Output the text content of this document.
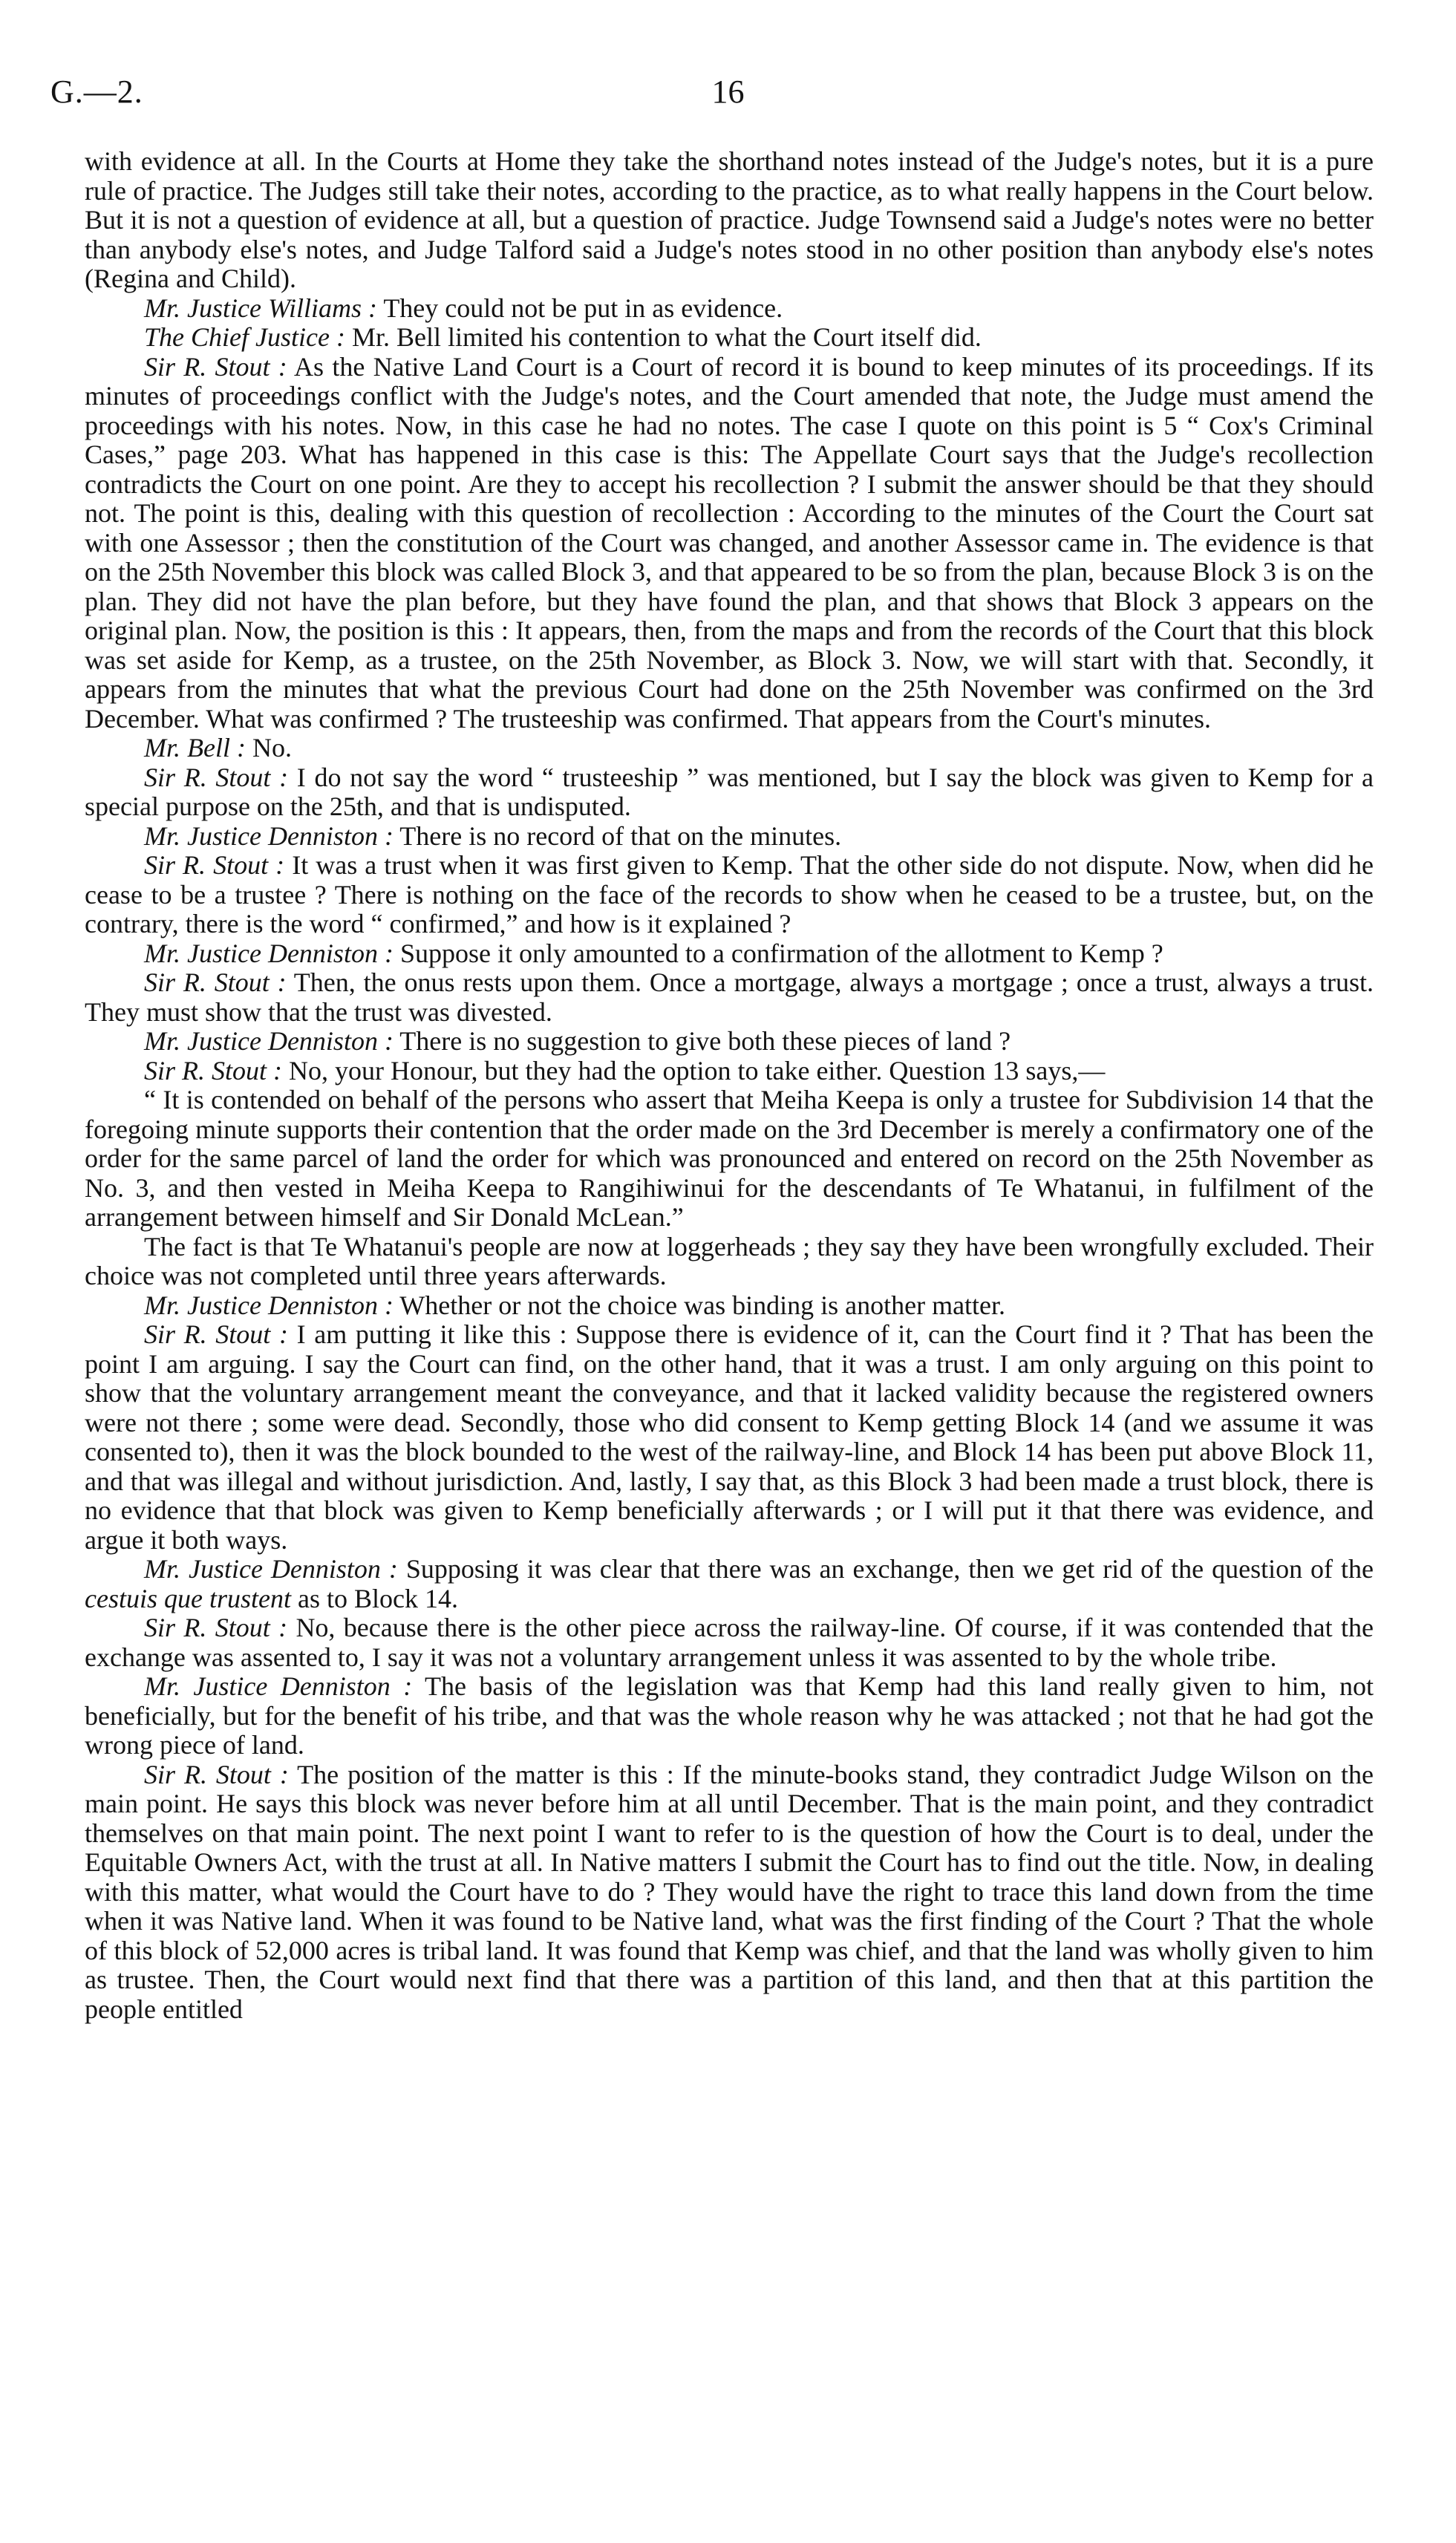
G.—2.	16

with evidence at all. In the Courts at Home they take the shorthand notes instead of the Judge's notes, but it is a pure rule of practice. The Judges still take their notes, according to the practice, as to what really happens in the Court below. But it is not a question of evidence at all, but a question of practice. Judge Townsend said a Judge's notes were no better than anybody else's notes, and Judge Talford said a Judge's notes stood in no other position than anybody else's notes (Regina and Child).

Mr. Justice Williams : They could not be put in as evidence.

The Chief Justice : Mr. Bell limited his contention to what the Court itself did.

Sir R. Stout : As the Native Land Court is a Court of record it is bound to keep minutes of its proceedings. If its minutes of proceedings conflict with the Judge's notes, and the Court amended that note, the Judge must amend the proceedings with his notes. Now, in this case he had no notes. The case I quote on this point is 5 “ Cox's Criminal Cases,” page 203. What has happened in this case is this: The Appellate Court says that the Judge's recollection contradicts the Court on one point. Are they to accept his recollection ? I submit the answer should be that they should not. The point is this, dealing with this question of recollection : According to the minutes of the Court the Court sat with one Assessor ; then the constitution of the Court was changed, and another Assessor came in. The evidence is that on the 25th November this block was called Block 3, and that appeared to be so from the plan, because Block 3 is on the plan. They did not have the plan before, but they have found the plan, and that shows that Block 3 appears on the original plan. Now, the position is this : It appears, then, from the maps and from the records of the Court that this block was set aside for Kemp, as a trustee, on the 25th November, as Block 3. Now, we will start with that. Secondly, it appears from the minutes that what the previous Court had done on the 25th November was confirmed on the 3rd December. What was confirmed ? The trusteeship was confirmed. That appears from the Court's minutes.

Mr. Bell : No.

Sir R. Stout : I do not say the word “ trusteeship ” was mentioned, but I say the block was given to Kemp for a special purpose on the 25th, and that is undisputed.

Mr. Justice Denniston : There is no record of that on the minutes.

Sir R. Stout : It was a trust when it was first given to Kemp. That the other side do not dispute. Now, when did he cease to be a trustee ? There is nothing on the face of the records to show when he ceased to be a trustee, but, on the contrary, there is the word “ confirmed,” and how is it explained ?

Mr. Justice Denniston : Suppose it only amounted to a confirmation of the allotment to Kemp ?

Sir R. Stout : Then, the onus rests upon them. Once a mortgage, always a mortgage ; once a trust, always a trust. They must show that the trust was divested.

Mr. Justice Denniston : There is no suggestion to give both these pieces of land ?

Sir R. Stout : No, your Honour, but they had the option to take either. Question 13 says,—

“ It is contended on behalf of the persons who assert that Meiha Keepa is only a trustee for Subdivision 14 that the foregoing minute supports their contention that the order made on the 3rd December is merely a confirmatory one of the order for the same parcel of land the order for which was pronounced and entered on record on the 25th November as No. 3, and then vested in Meiha Keepa to Rangihiwinui for the descendants of Te Whatanui, in fulfilment of the arrangement between himself and Sir Donald McLean.”

The fact is that Te Whatanui's people are now at loggerheads ; they say they have been wrongfully excluded. Their choice was not completed until three years afterwards.

Mr. Justice Denniston : Whether or not the choice was binding is another matter.

Sir R. Stout : I am putting it like this : Suppose there is evidence of it, can the Court find it ? That has been the point I am arguing. I say the Court can find, on the other hand, that it was a trust. I am only arguing on this point to show that the voluntary arrangement meant the conveyance, and that it lacked validity because the registered owners were not there ; some were dead. Secondly, those who did consent to Kemp getting Block 14 (and we assume it was consented to), then it was the block bounded to the west of the railway-line, and Block 14 has been put above Block 11, and that was illegal and without jurisdiction. And, lastly, I say that, as this Block 3 had been made a trust block, there is no evidence that that block was given to Kemp beneficially afterwards ; or I will put it that there was evidence, and argue it both ways.

Mr. Justice Denniston : Supposing it was clear that there was an exchange, then we get rid of the question of the cestuis que trustent as to Block 14.

Sir R. Stout : No, because there is the other piece across the railway-line. Of course, if it was contended that the exchange was assented to, I say it was not a voluntary arrangement unless it was assented to by the whole tribe.

Mr. Justice Denniston : The basis of the legislation was that Kemp had this land really given to him, not beneficially, but for the benefit of his tribe, and that was the whole reason why he was attacked ; not that he had got the wrong piece of land.

Sir R. Stout : The position of the matter is this : If the minute-books stand, they contradict Judge Wilson on the main point. He says this block was never before him at all until December. That is the main point, and they contradict themselves on that main point. The next point I want to refer to is the question of how the Court is to deal, under the Equitable Owners Act, with the trust at all. In Native matters I submit the Court has to find out the title. Now, in dealing with this matter, what would the Court have to do ? They would have the right to trace this land down from the time when it was Native land. When it was found to be Native land, what was the first finding of the Court ? That the whole of this block of 52,000 acres is tribal land. It was found that Kemp was chief, and that the land was wholly given to him as trustee. Then, the Court would next find that there was a partition of this land, and then that at this partition the people entitled
